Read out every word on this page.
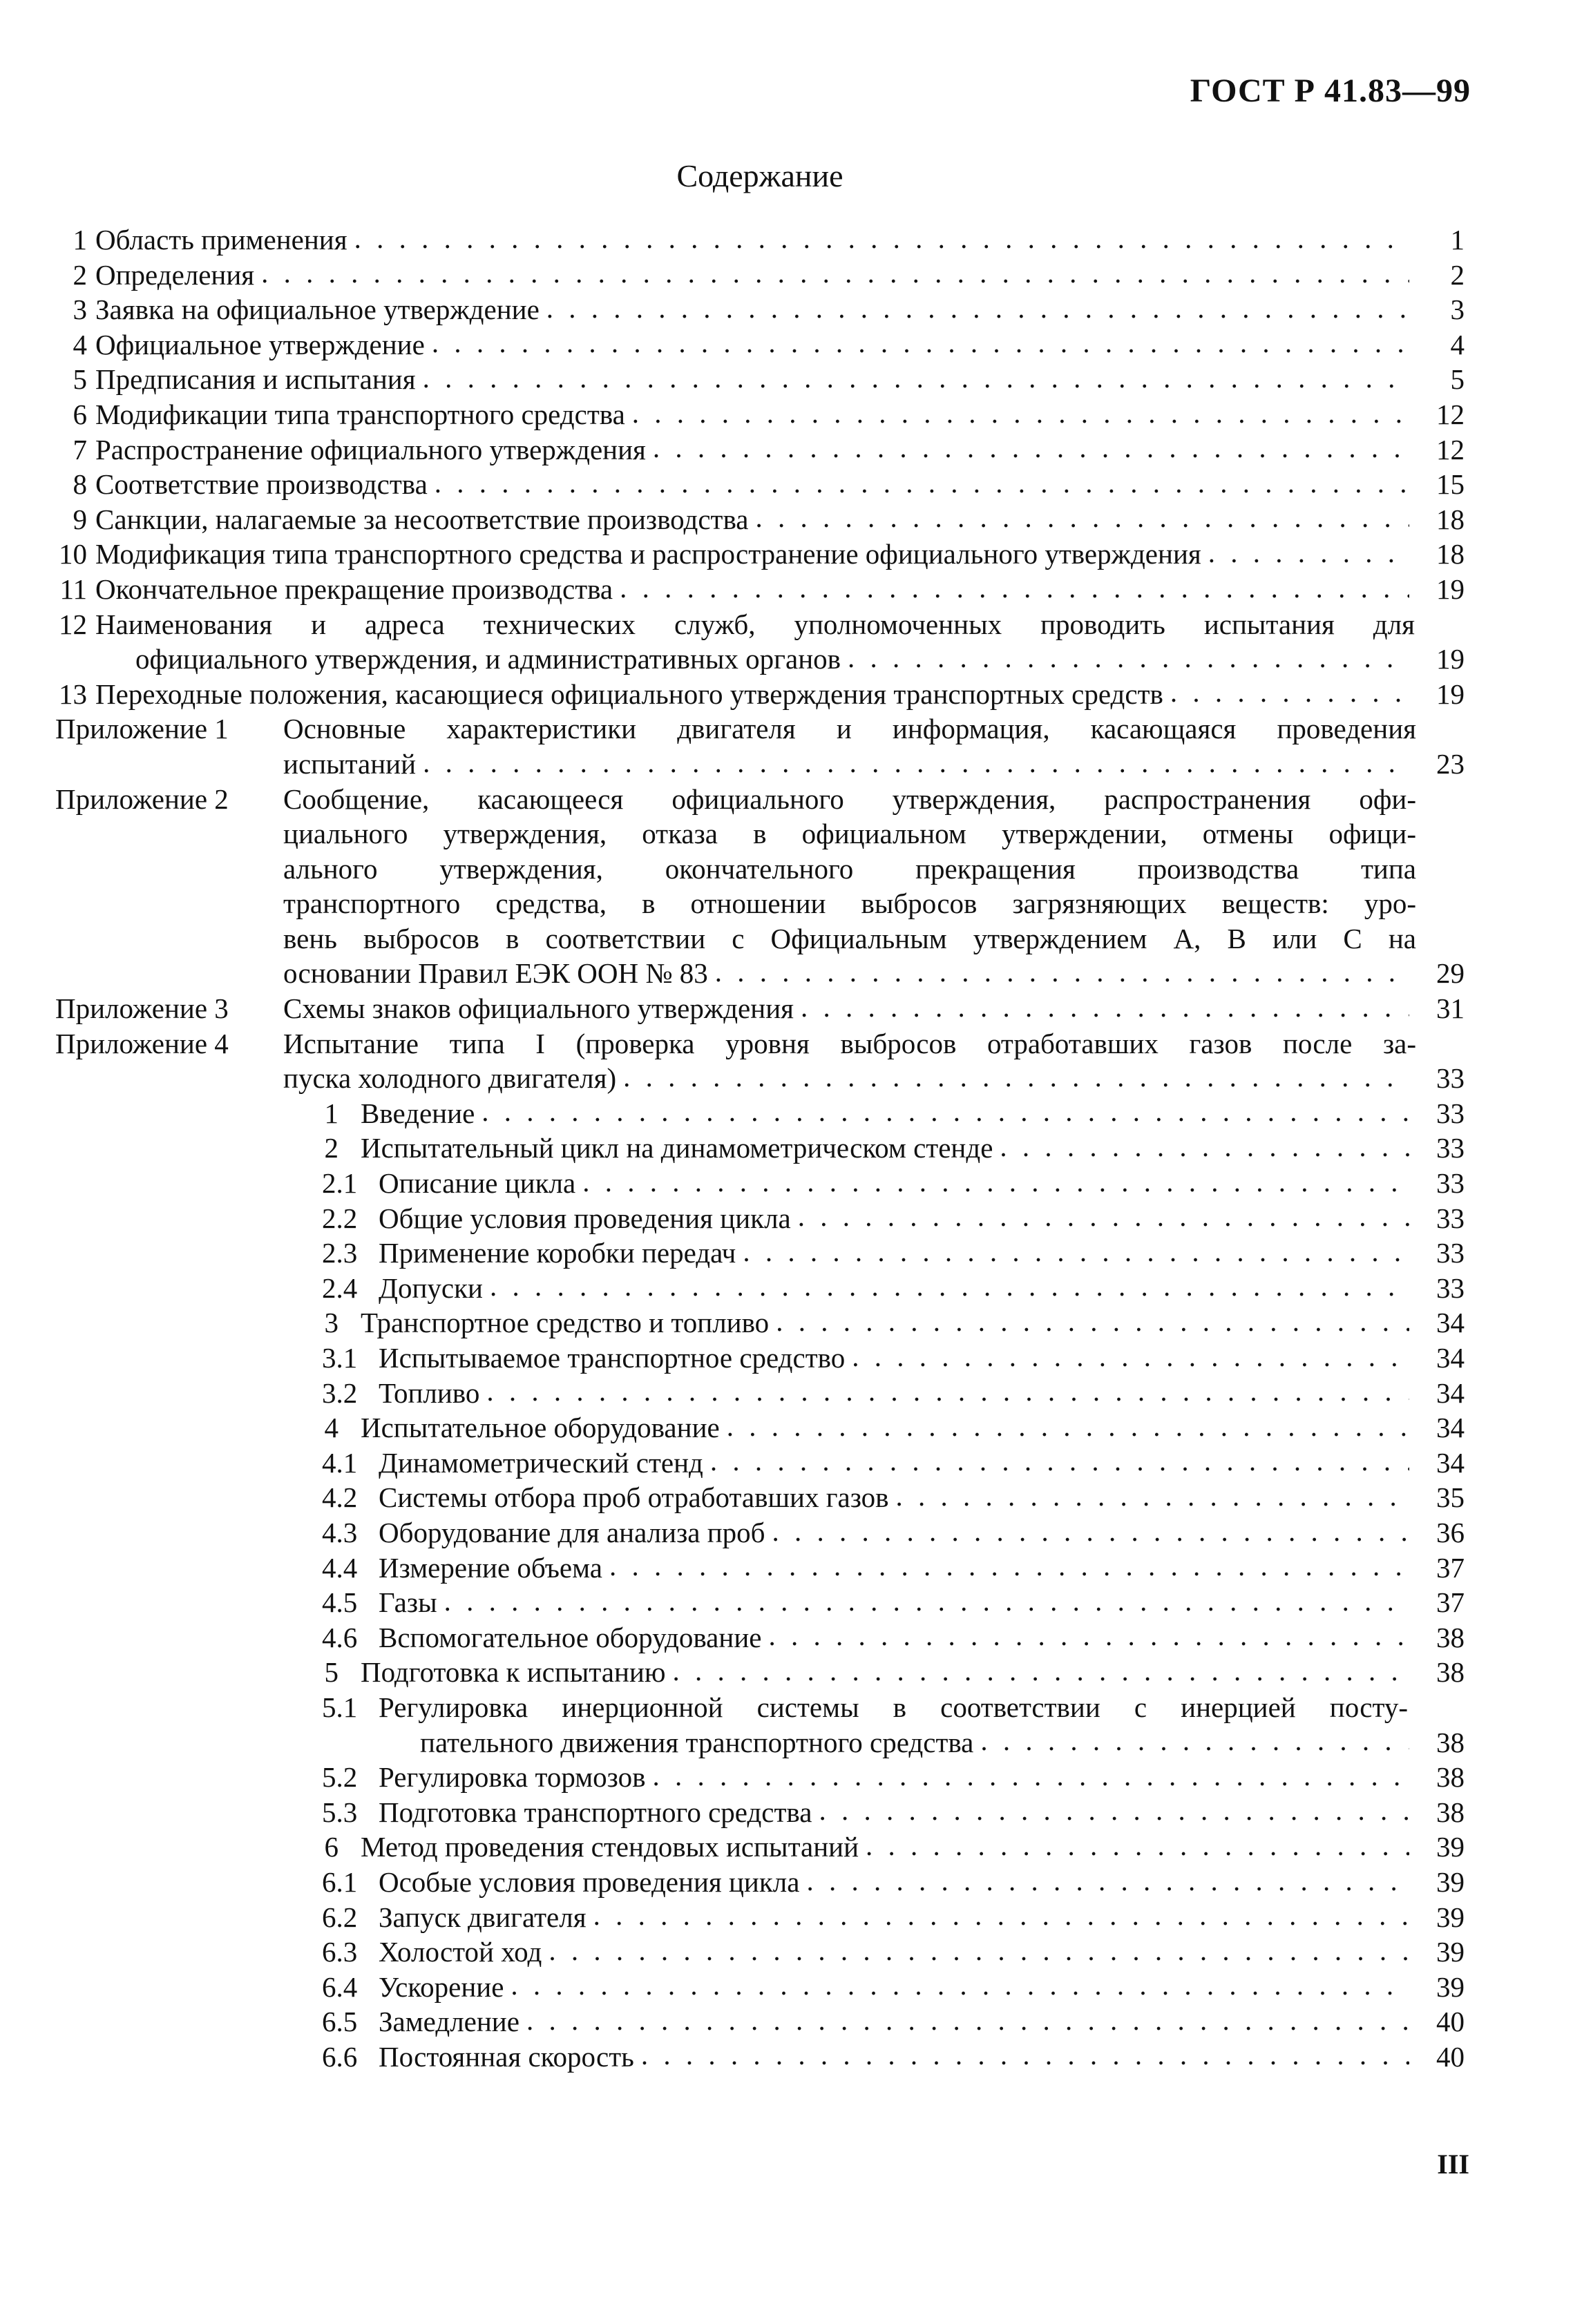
ГОСТ Р 41.83—99
Содержание
1 Область применения . . .	1
2 Определения . . .	2
3 Заявка на официальное утверждение . . .	3
4 Официальное утверждение . . .	4
5 Предписания и испытания . . .	5
6 Модификации типа транспортного средства . . .	12
7 Распространение официального утверждения . . .	12
8 Соответствие производства . . .	15
9 Санкции, налагаемые за несоответствие производства . . .	18
10 Модификация типа транспортного средства и распространение официального утверждения . . .	18
11 Окончательное прекращение производства . . .	19
12 Наименования и адреса технических служб, уполномоченных проводить испытания для
официального утверждения, и административных органов . . .	19
13 Переходные положения, касающиеся официального утверждения транспортных средств . . .	19
Приложение 1	Основные характеристики двигателя и информация, касающаяся проведения
испытаний . . .	23
Приложение 2	Сообщение, касающееся официального утверждения, распространения офи-
циального утверждения, отказа в официальном утверждении, отмены офици-
ального утверждения, окончательного прекращения производства типа
транспортного средства, в отношении выбросов загрязняющих веществ: уро-
вень выбросов в соответствии с Официальным утверждением А, В или С на
основании Правил ЕЭК ООН № 83 . . .	29
Приложение 3	Схемы знаков официального утверждения . . .	31
Приложение 4	Испытание типа I (проверка уровня выбросов отработавших газов после за-
пуска холодного двигателя) . . .	33
1 Введение . . .	33
2 Испытательный цикл на динамометрическом стенде . . .	33
2.1 Описание цикла . . .	33
2.2 Общие условия проведения цикла . . .	33
2.3 Применение коробки передач . . .	33
2.4 Допуски . . .	33
3 Транспортное средство и топливо . . .	34
3.1 Испытываемое транспортное средство . . .	34
3.2 Топливо . . .	34
4 Испытательное оборудование . . .	34
4.1 Динамометрический стенд . . .	34
4.2 Системы отбора проб отработавших газов . . .	35
4.3 Оборудование для анализа проб . . .	36
4.4 Измерение объема . . .	37
4.5 Газы . . .	37
4.6 Вспомогательное оборудование . . .	38
5 Подготовка к испытанию . . .	38
5.1 Регулировка инерционной системы в соответствии с инерцией посту-
пательного движения транспортного средства . . .	38
5.2 Регулировка тормозов . . .	38
5.3 Подготовка транспортного средства . . .	38
6 Метод проведения стендовых испытаний . . .	39
6.1 Особые условия проведения цикла . . .	39
6.2 Запуск двигателя . . .	39
6.3 Холостой ход . . .	39
6.4 Ускорение . . .	39
6.5 Замедление . . .	40
6.6 Постоянная скорость . . .	40
III
